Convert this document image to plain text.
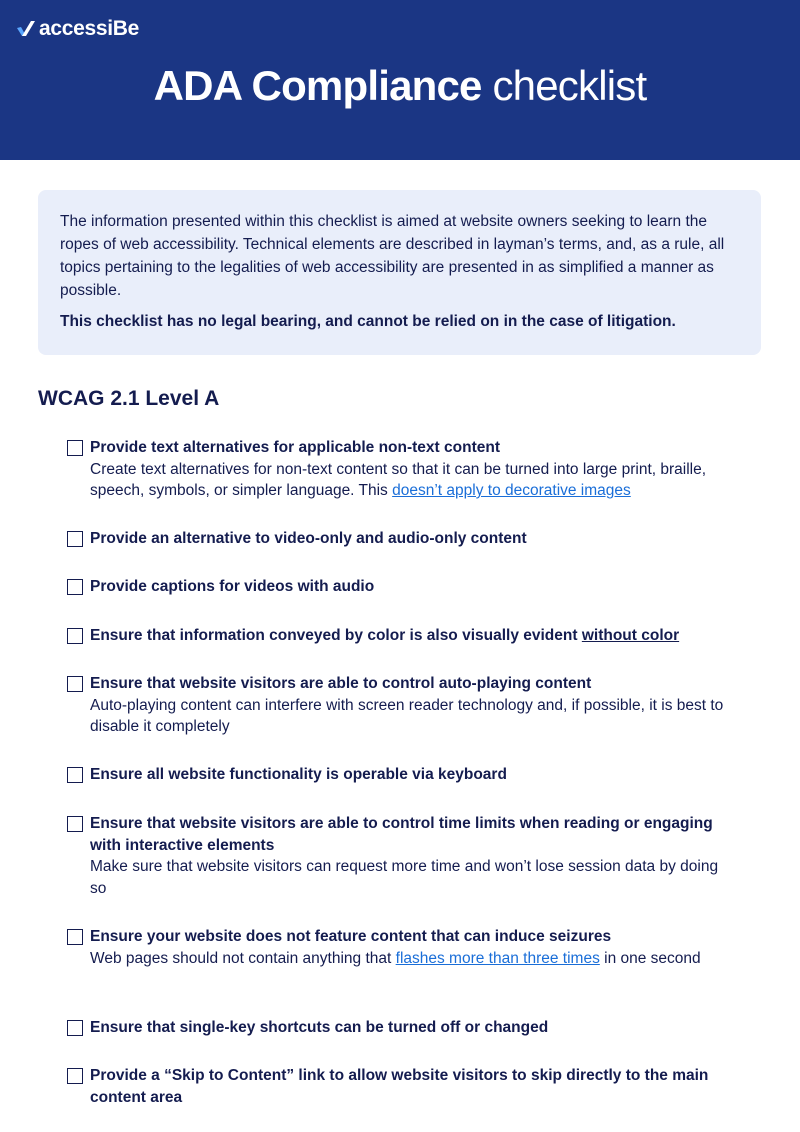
accessiBe
ADA Compliance checklist

The information presented within this checklist is aimed at website owners seeking to learn the ropes of web accessibility. Technical elements are described in layman’s terms, and, as a rule, all topics pertaining to the legalities of web accessibility are presented in as simplified a manner as possible.

This checklist has no legal bearing, and cannot be relied on in the case of litigation.

WCAG 2.1 Level A
Provide text alternatives for applicable non-text content
Create text alternatives for non-text content so that it can be turned into large print, braille, speech, symbols, or simpler language. This doesn’t apply to decorative images
Provide an alternative to video-only and audio-only content
Provide captions for videos with audio
Ensure that information conveyed by color is also visually evident without color
Ensure that website visitors are able to control auto-playing content
Auto-playing content can interfere with screen reader technology and, if possible, it is best to disable it completely
Ensure all website functionality is operable via keyboard
Ensure that website visitors are able to control time limits when reading or engaging with interactive elements
Make sure that website visitors can request more time and won’t lose session data by doing so
Ensure your website does not feature content that can induce seizures
Web pages should not contain anything that flashes more than three times in one second
Ensure that single-key shortcuts can be turned off or changed
Provide a “Skip to Content” link to allow website visitors to skip directly to the main content area
